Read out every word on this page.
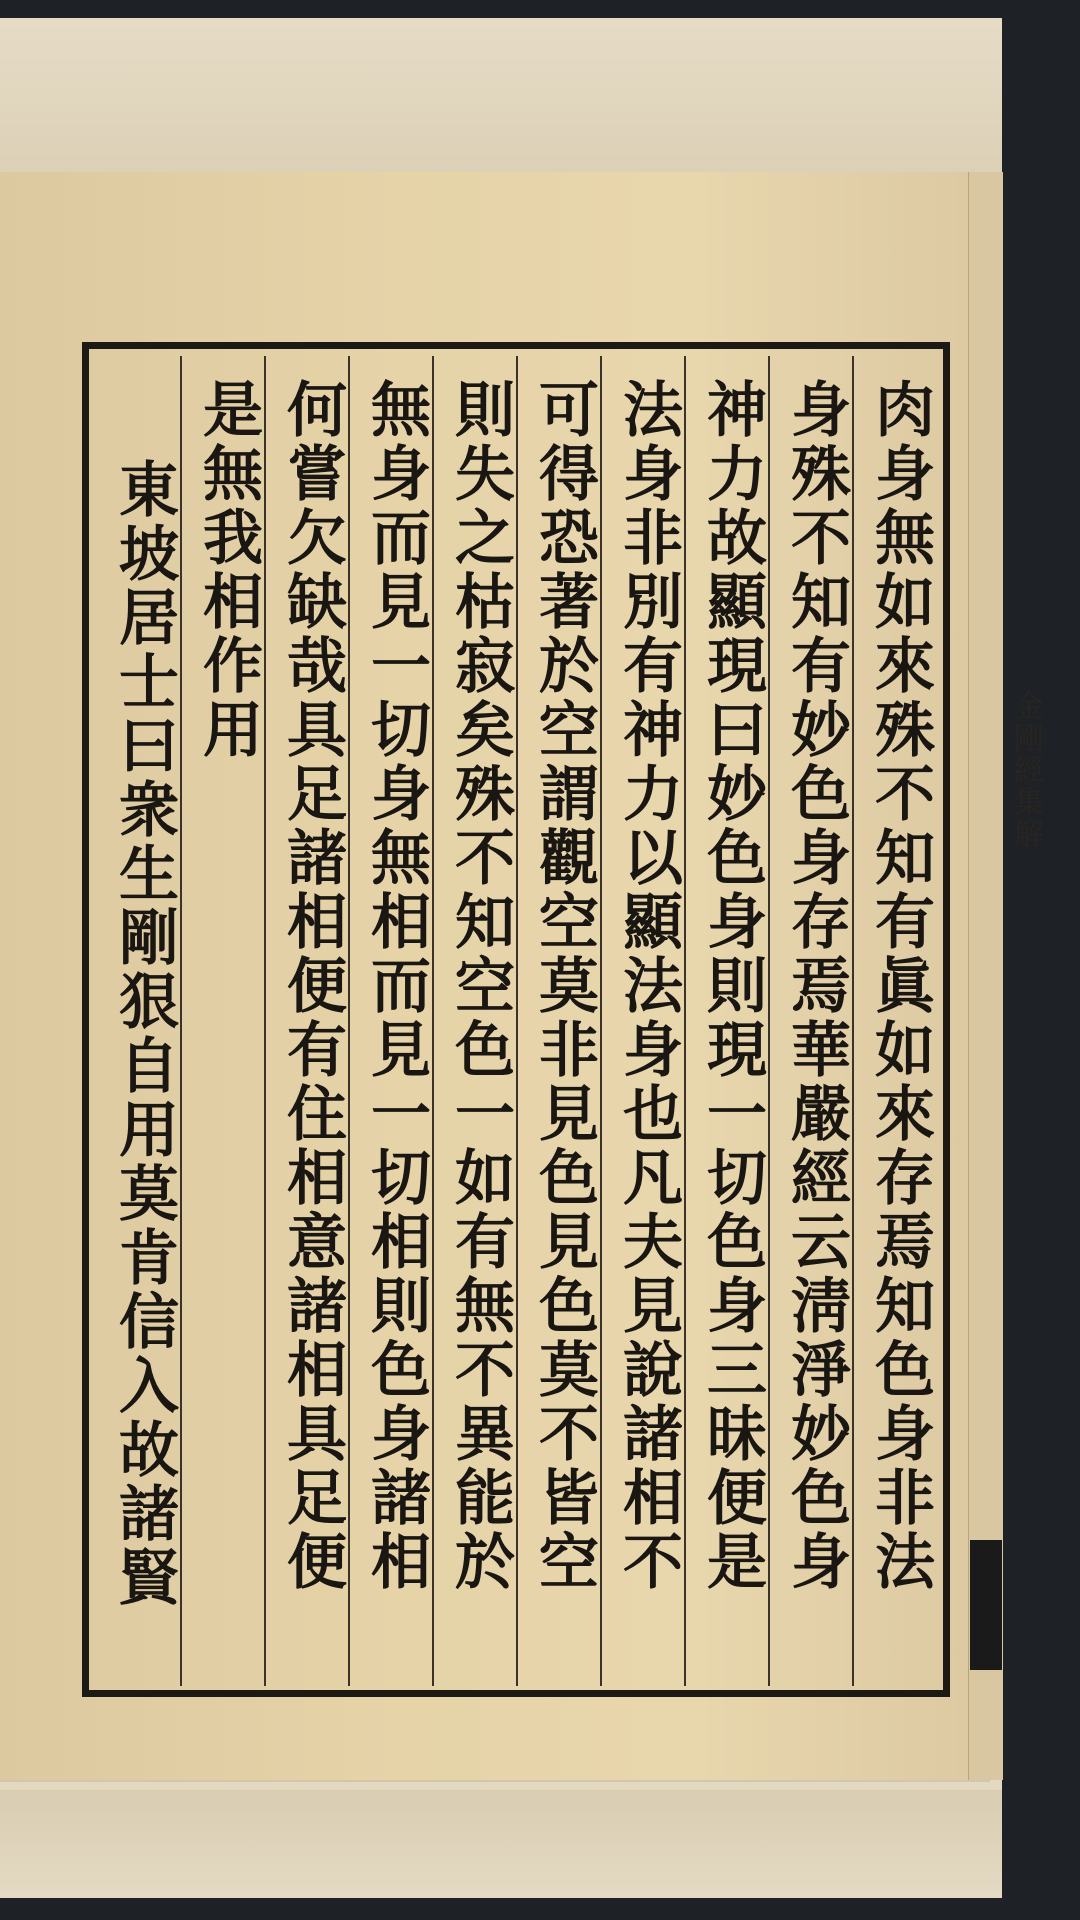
金剛經集解
肉身無如來殊不知有眞如來存焉知色身非法
身殊不知有妙色身存焉華嚴經云淸淨妙色身
神力故顯現曰妙色身則現一切色身三昧便是
法身非別有神力以顯法身也凡夫見說諸相不
可得恐著於空謂觀空莫非見色見色莫不皆空
則失之枯寂矣殊不知空色一如有無不異能於
無身而見一切身無相而見一切相則色身諸相
何嘗欠缺哉具足諸相便有住相意諸相具足便
是無我相作用
東坡居士曰衆生剛狠自用莫肯信入故諸賢
